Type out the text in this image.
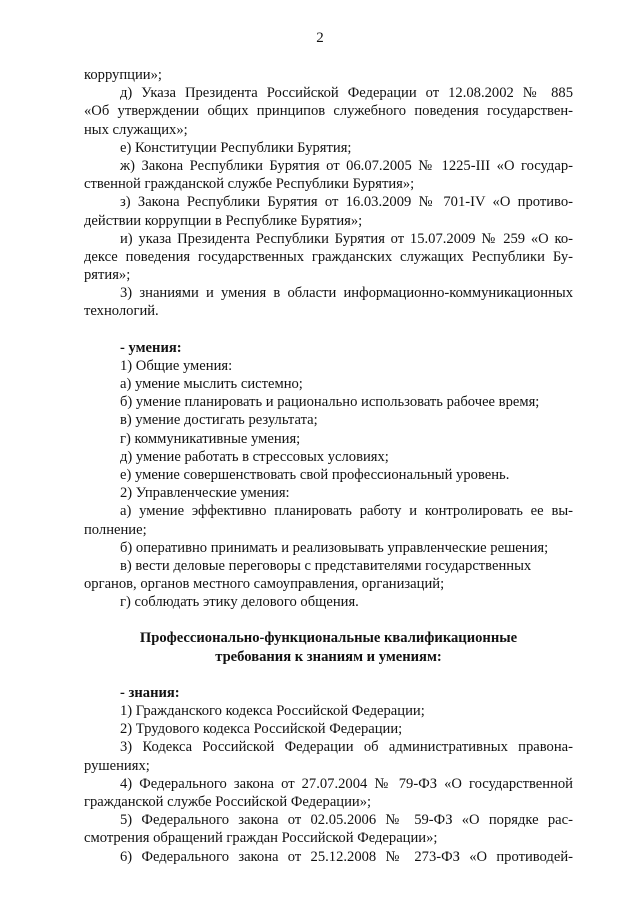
2
коррупции»;
д) Указа Президента Российской Федерации от 12.08.2002 № 885
«Об утверждении общих принципов служебного поведения государствен-
ных служащих»;
е) Конституции Республики Бурятия;
ж) Закона Республики Бурятия от 06.07.2005 № 1225-III «О государ-
ственной гражданской службе Республики Бурятия»;
з) Закона Республики Бурятия от 16.03.2009 № 701-IV «О противо-
действии коррупции в Республике Бурятия»;
и) указа Президента Республики Бурятия от 15.07.2009 № 259 «О ко-
дексе поведения государственных гражданских служащих Республики Бу-
рятия»;
3) знаниями и умения в области информационно-коммуникационных
технологий.
- умения:
1) Общие умения:
а) умение мыслить системно;
б) умение планировать и рационально использовать рабочее время;
в) умение достигать результата;
г) коммуникативные умения;
д) умение работать в стрессовых условиях;
е) умение совершенствовать свой профессиональный уровень.
2) Управленческие умения:
а) умение эффективно планировать работу и контролировать ее вы-
полнение;
б) оперативно принимать и реализовывать управленческие решения;
в) вести деловые переговоры с представителями государственных
органов, органов местного самоуправления, организаций;
г) соблюдать этику делового общения.
Профессионально-функциональные квалификационные
требования к знаниям и умениям:
- знания:
1) Гражданского кодекса Российской Федерации;
2) Трудового кодекса Российской Федерации;
3) Кодекса Российской Федерации об административных правона-
рушениях;
4) Федерального закона от 27.07.2004 № 79-ФЗ «О государственной
гражданской службе Российской Федерации»;
5) Федерального закона от 02.05.2006 № 59-ФЗ «О порядке рас-
смотрения обращений граждан Российской Федерации»;
6) Федерального закона от 25.12.2008 № 273-ФЗ «О противодей-
